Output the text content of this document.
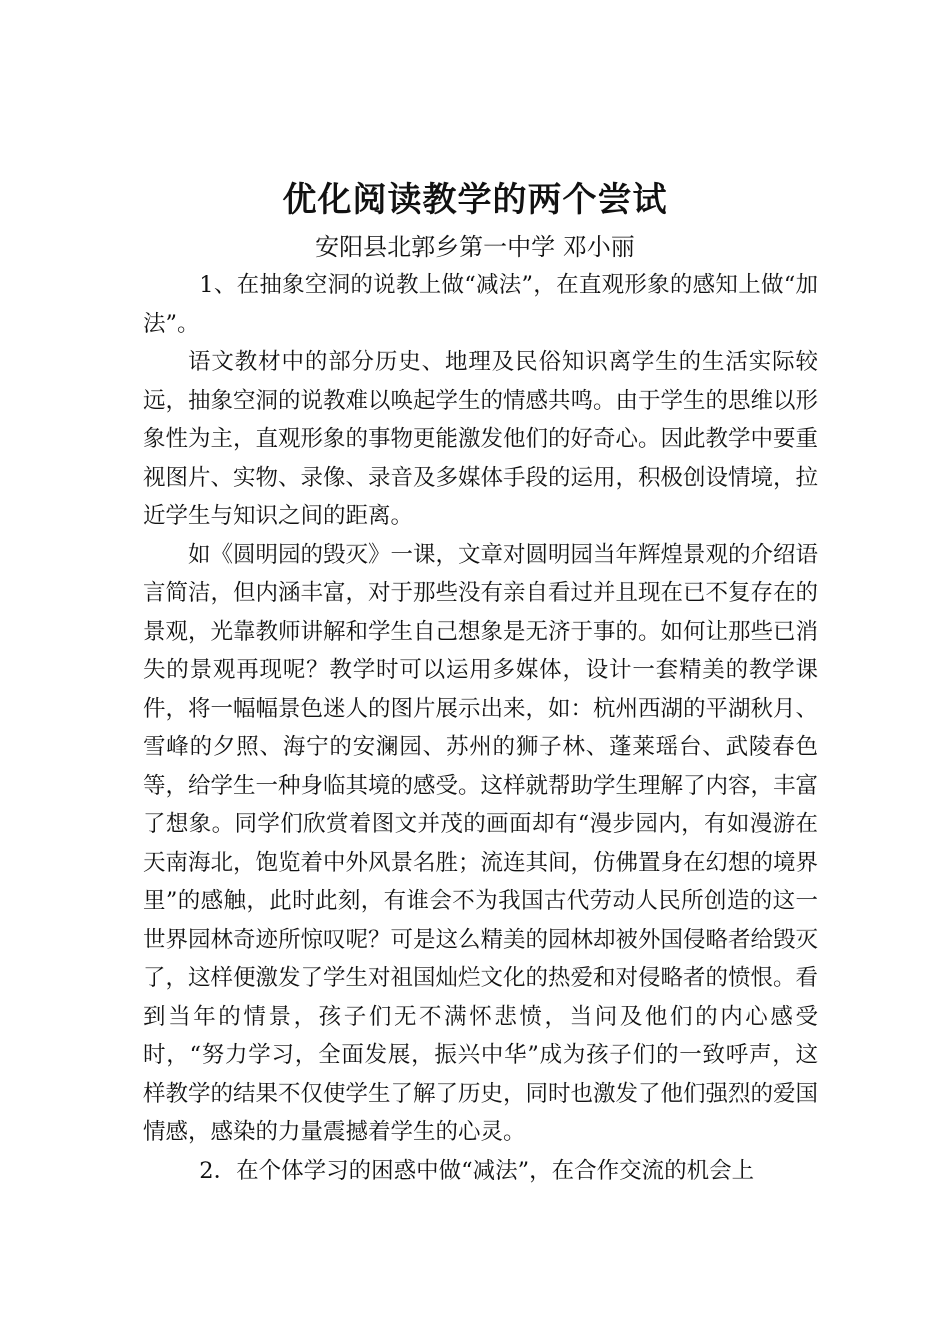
优化阅读教学的两个尝试
安阳县北郭乡第一中学 邓小丽

1、在抽象空洞的说教上做“减法”，在直观形象的感知上做“加法”。

语文教材中的部分历史、地理及民俗知识离学生的生活实际较远，抽象空洞的说教难以唤起学生的情感共鸣。由于学生的思维以形象性为主，直观形象的事物更能激发他们的好奇心。因此教学中要重视图片、实物、录像、录音及多媒体手段的运用，积极创设情境，拉近学生与知识之间的距离。

如《圆明园的毁灭》一课，文章对圆明园当年辉煌景观的介绍语言简洁，但内涵丰富，对于那些没有亲自看过并且现在已不复存在的景观，光靠教师讲解和学生自己想象是无济于事的。如何让那些已消失的景观再现呢？教学时可以运用多媒体，设计一套精美的教学课件，将一幅幅景色迷人的图片展示出来，如：杭州西湖的平湖秋月、雪峰的夕照、海宁的安澜园、苏州的狮子林、蓬莱瑶台、武陵春色等，给学生一种身临其境的感受。这样就帮助学生理解了内容，丰富了想象。同学们欣赏着图文并茂的画面却有“漫步园内，有如漫游在天南海北，饱览着中外风景名胜；流连其间，仿佛置身在幻想的境界里”的感触，此时此刻，有谁会不为我国古代劳动人民所创造的这一世界园林奇迹所惊叹呢？可是这么精美的园林却被外国侵略者给毁灭了，这样便激发了学生对祖国灿烂文化的热爱和对侵略者的愤恨。看到当年的情景，孩子们无不满怀悲愤，当问及他们的内心感受时，“努力学习，全面发展，振兴中华”成为孩子们的一致呼声，这样教学的结果不仅使学生了解了历史，同时也激发了他们强烈的爱国情感，感染的力量震撼着学生的心灵。

2．在个体学习的困惑中做“减法”，在合作交流的机会上
